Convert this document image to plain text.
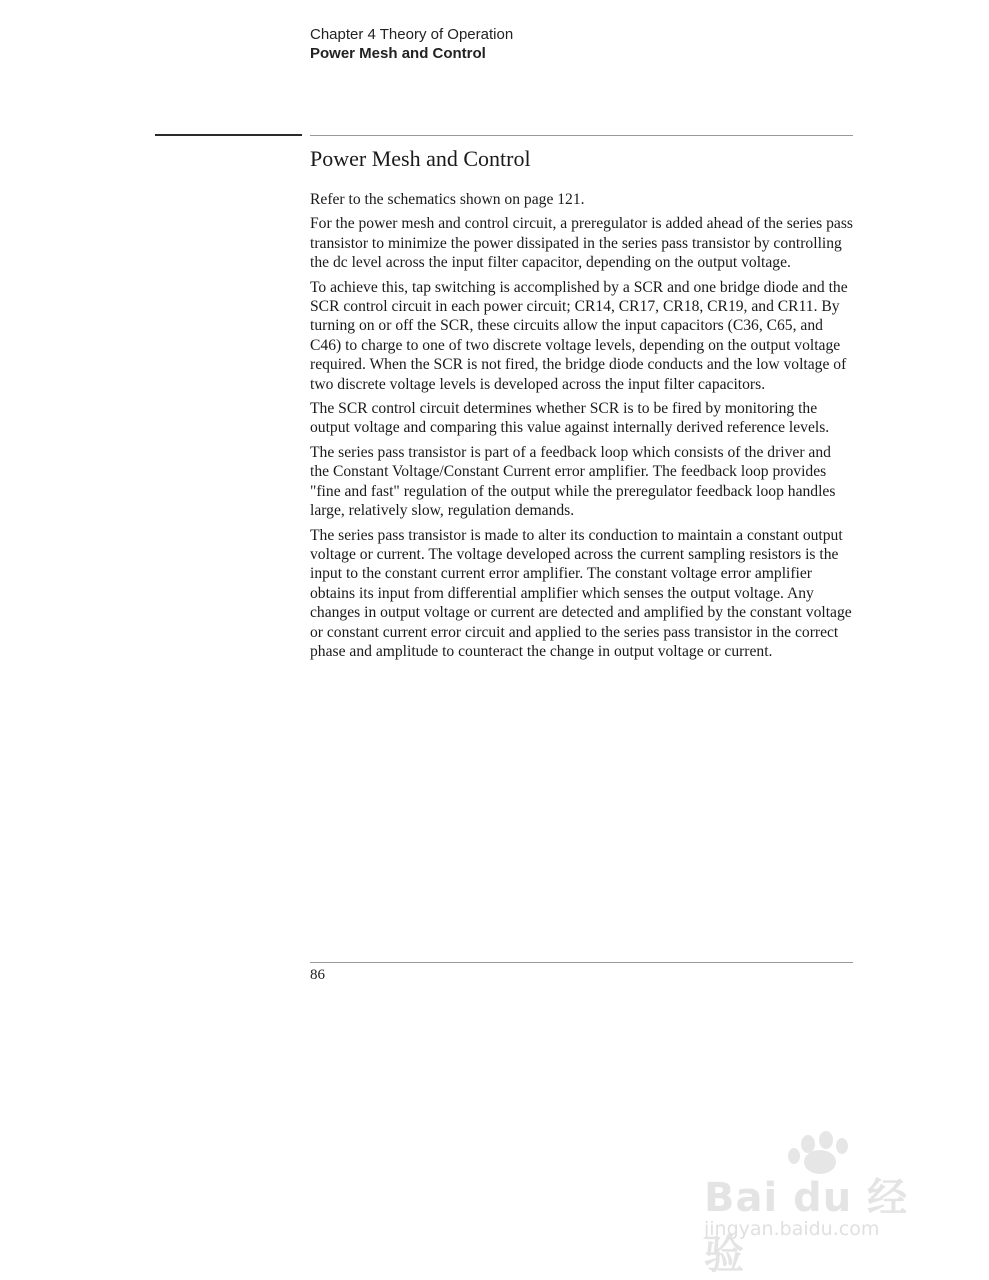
Chapter 4 Theory of Operation
Power Mesh and Control
Power Mesh and Control

Refer to the schematics shown on page 121.

For the power mesh and control circuit, a preregulator is added ahead of the series pass transistor to minimize the power dissipated in the series pass transistor by controlling the dc level across the input filter capacitor, depending on the output voltage.

To achieve this, tap switching is accomplished by a SCR and one bridge diode and the SCR control circuit in each power circuit; CR14, CR17, CR18, CR19, and CR11. By turning on or off the SCR, these circuits allow the input capacitors (C36, C65, and C46) to charge to one of two discrete voltage levels, depending on the output voltage required. When the SCR is not fired, the bridge diode conducts and the low voltage of two discrete voltage levels is developed across the input filter capacitors.

The SCR control circuit determines whether SCR is to be fired by monitoring the output voltage and comparing this value against internally derived reference levels.

The series pass transistor is part of a feedback loop which consists of the driver and the Constant Voltage/Constant Current error amplifier. The feedback loop provides "fine and fast" regulation of the output while the preregulator feedback loop handles large, relatively slow, regulation demands.

The series pass transistor is made to alter its conduction to maintain a constant output voltage or current. The voltage developed across the current sampling resistors is the input to the constant current error amplifier. The constant voltage error amplifier obtains its input from differential amplifier which senses the output voltage. Any changes in output voltage or current are detected and amplified by the constant voltage or constant current error circuit and applied to the series pass transistor in the correct phase and amplitude to counteract the change in output voltage or current.

86
Bai du 经验
jingyan.baidu.com
